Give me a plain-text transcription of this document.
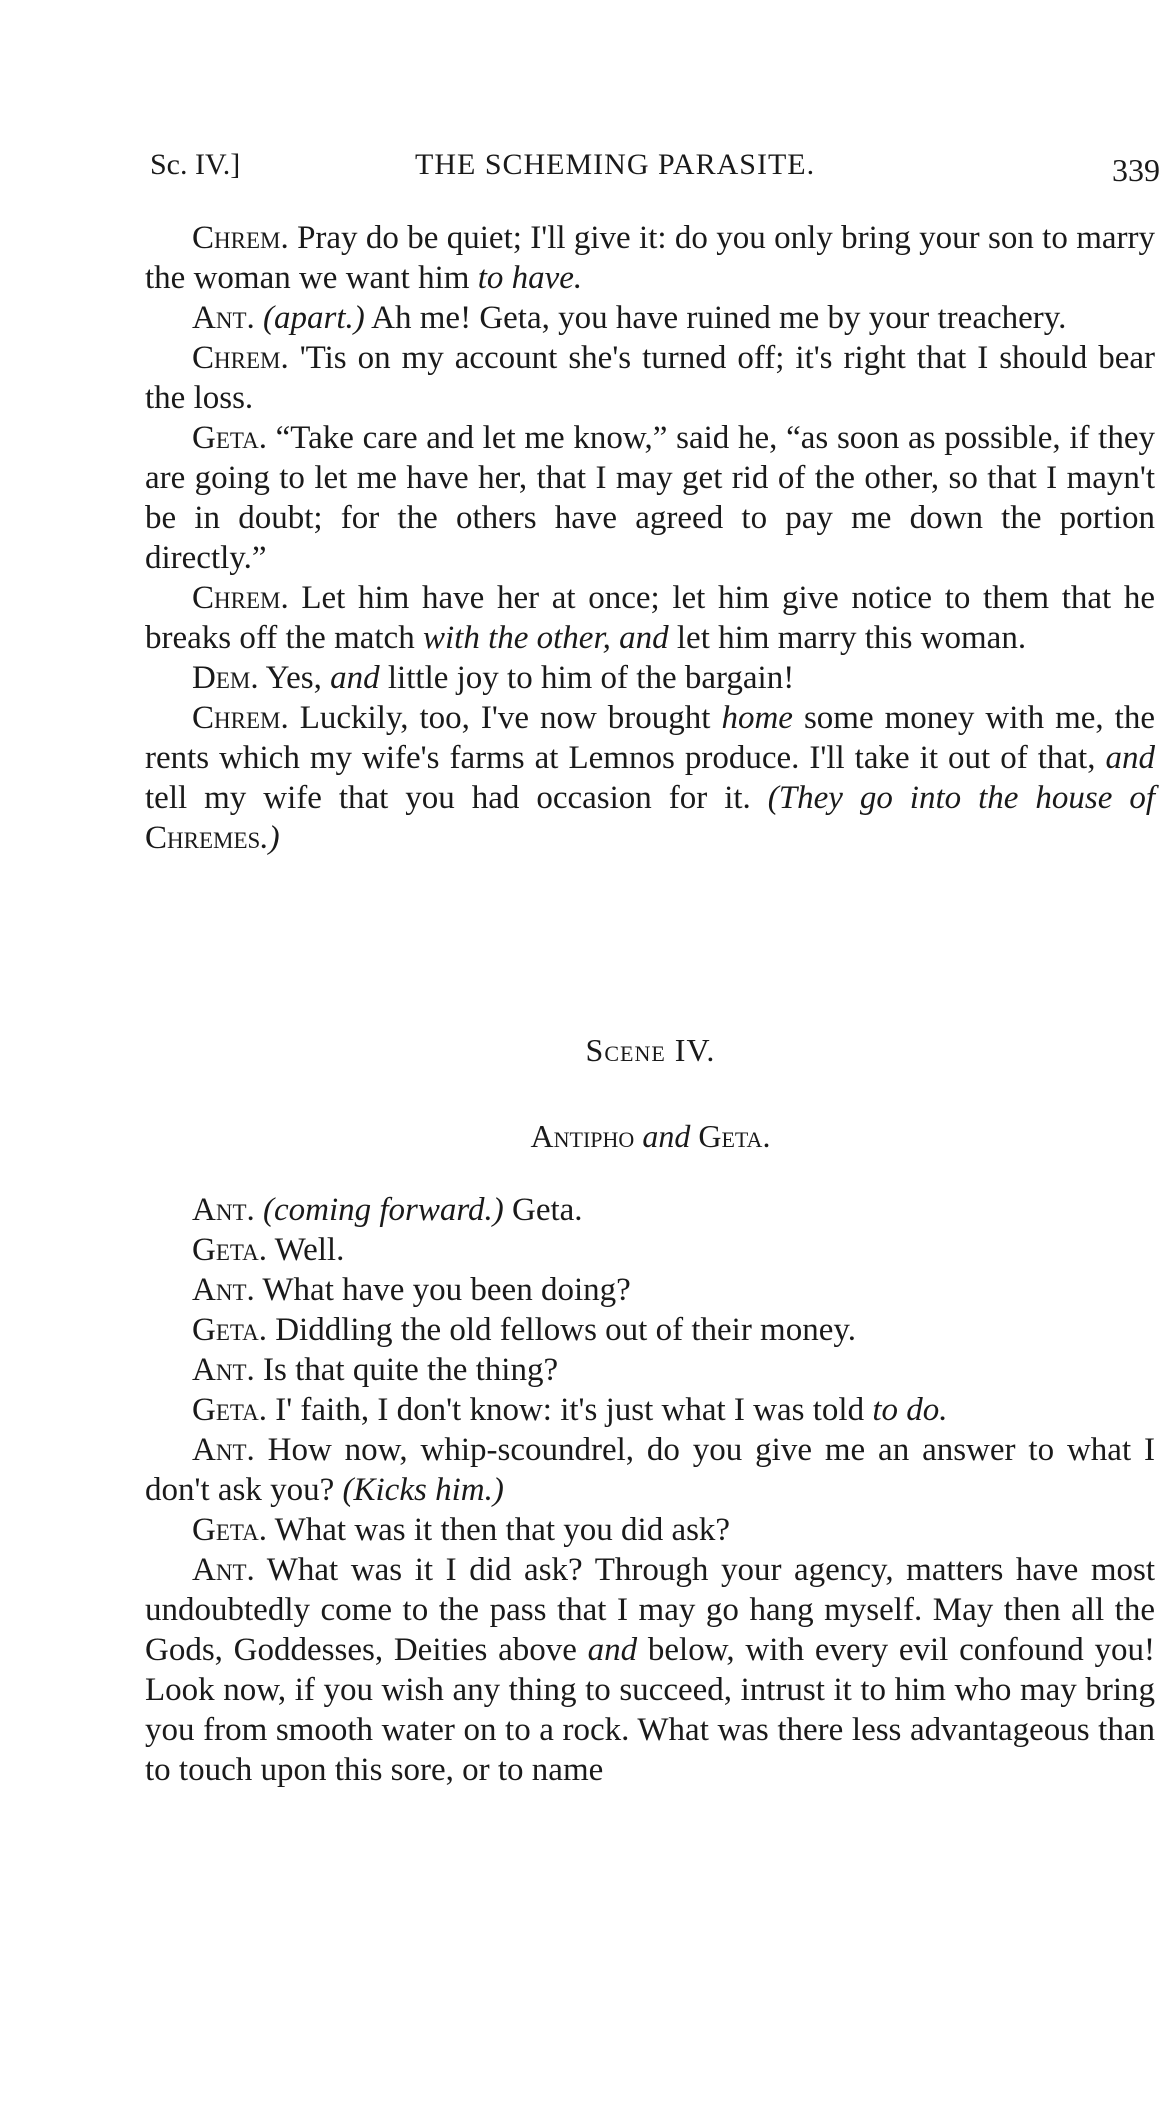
Sc. IV.]	THE SCHEMING PARASITE.	339

Chrem. Pray do be quiet; I'll give it: do you only bring your son to marry the woman we want him to have.

Ant. (apart.) Ah me! Geta, you have ruined me by your treachery.

Chrem. 'Tis on my account she's turned off; it's right that I should bear the loss.

Geta. “Take care and let me know,” said he, “as soon as possible, if they are going to let me have her, that I may get rid of the other, so that I mayn't be in doubt; for the others have agreed to pay me down the portion directly.”

Chrem. Let him have her at once; let him give notice to them that he breaks off the match with the other, and let him marry this woman.

Dem. Yes, and little joy to him of the bargain!

Chrem. Luckily, too, I've now brought home some money with me, the rents which my wife's farms at Lemnos produce. I'll take it out of that, and tell my wife that you had occasion for it. (They go into the house of Chremes.)

Scene IV.
Antipho and Geta.

Ant. (coming forward.) Geta.

Geta. Well.

Ant. What have you been doing?

Geta. Diddling the old fellows out of their money.

Ant. Is that quite the thing?

Geta. I' faith, I don't know: it's just what I was told to do.

Ant. How now, whip-scoundrel, do you give me an answer to what I don't ask you? (Kicks him.)

Geta. What was it then that you did ask?

Ant. What was it I did ask? Through your agency, matters have most undoubtedly come to the pass that I may go hang myself. May then all the Gods, Goddesses, Deities above and below, with every evil confound you! Look now, if you wish any thing to succeed, intrust it to him who may bring you from smooth water on to a rock. What was there less advantageous than to touch upon this sore, or to name
